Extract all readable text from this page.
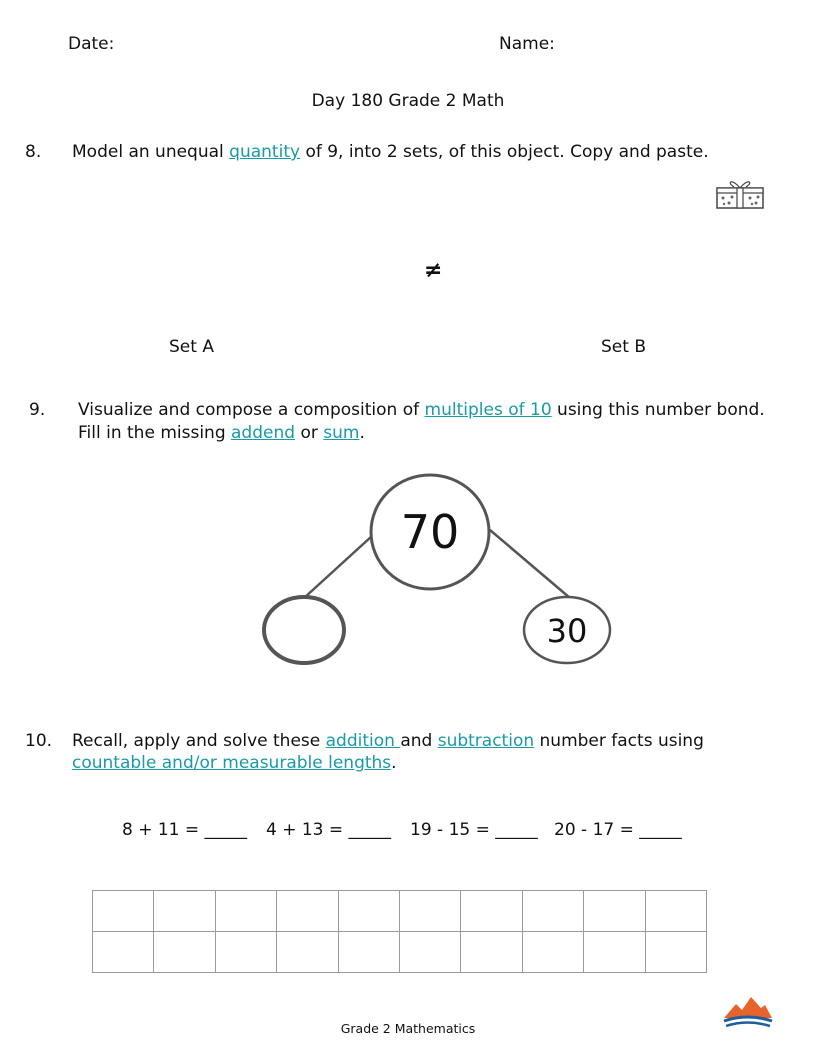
Date:	Name:
Day 180 Grade 2 Math
8. Model an unequal quantity of 9, into 2 sets, of this object. Copy and paste.
≠
Set A	Set B
9. Visualize and compose a composition of multiples of 10 using this number bond.
Fill in the missing addend or sum.
70
30
10. Recall, apply and solve these addition and subtraction number facts using
countable and/or measurable lengths.
8 + 11 = _____ 4 + 13 = _____ 19 - 15 = _____ 20 - 17 = _____

Grade 2 Mathematics
